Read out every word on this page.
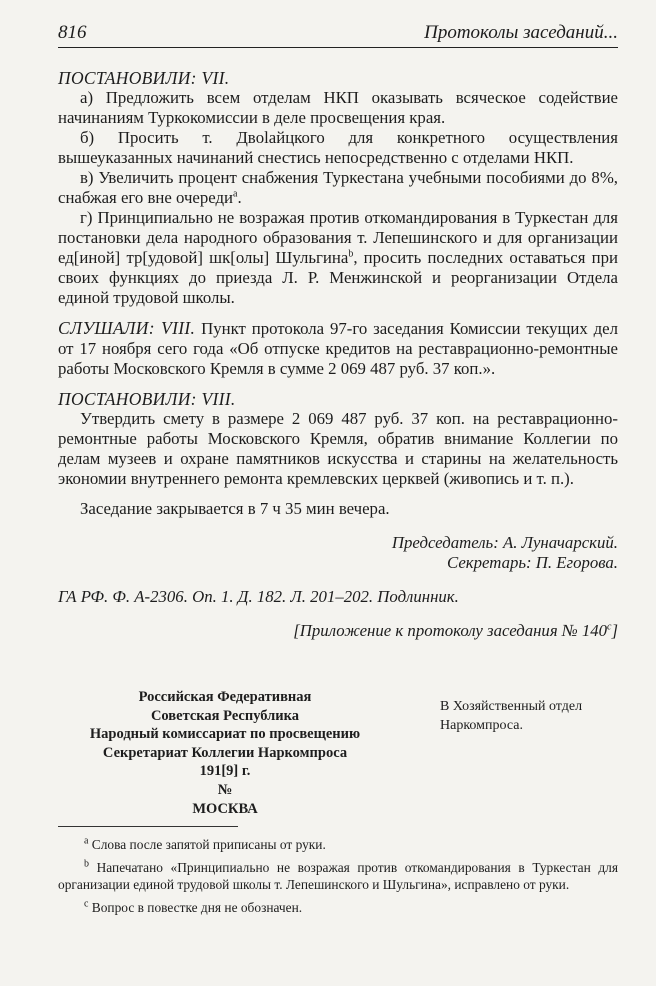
816	Протоколы заседаний...

ПОСТАНОВИЛИ: VII.

а) Предложить всем отделам НКП оказывать всяческое содействие начинаниям Туркокомиссии в деле просвещения края.

б) Просить т. Двolaйцкого для конкретного осуществления вышеуказанных начинаний снестись непосредственно с отделами НКП.

в) Увеличить процент снабжения Туркестана учебными пособиями до 8%, снабжая его вне очереди$^a$.

г) Принципиально не возражая против откомандирования в Туркестан для постановки дела народного образования т. Лепешинского и для организации ед[иной] тр[удовой] шк[олы] Шульгина$^b$, просить последних оставаться при своих функциях до приезда Л. Р. Менжинской и реорганизации Отдела единой трудовой школы.

СЛУШАЛИ: VIII. Пункт протокола 97-го заседания Комиссии текущих дел от 17 ноября сего года «Об отпуске кредитов на реставрационно-ремонтные работы Московского Кремля в сумме 2 069 487 руб. 37 коп.».

ПОСТАНОВИЛИ: VIII.

Утвердить смету в размере 2 069 487 руб. 37 коп. на реставрационно-ремонтные работы Московского Кремля, обратив внимание Коллегии по делам музеев и охране памятников искусства и старины на желательность экономии внутреннего ремонта кремлевских церквей (живопись и т. п.).

Заседание закрывается в 7 ч 35 мин вечера.

Председатель: А. Луначарский.

Секретарь: П. Егорова.

ГА РФ. Ф. А-2306. Оп. 1. Д. 182. Л. 201–202. Подлинник.

[Приложение к протоколу заседания № 140$^c$]

Российская Федеративная
Советская Республика
Народный комиссариат по просвещению
Секретариат Коллегии Наркомпроса
191[9] г.
№
МОСКВА
В Хозяйственный отдел
Наркомпроса.

$^a$ Слова после запятой приписаны от руки.

$^b$ Напечатано «Принципиально не возражая против откомандирования в Туркестан для организации единой трудовой школы т. Лепешинского и Шульгина», исправлено от руки.

$^c$ Вопрос в повестке дня не обозначен.
